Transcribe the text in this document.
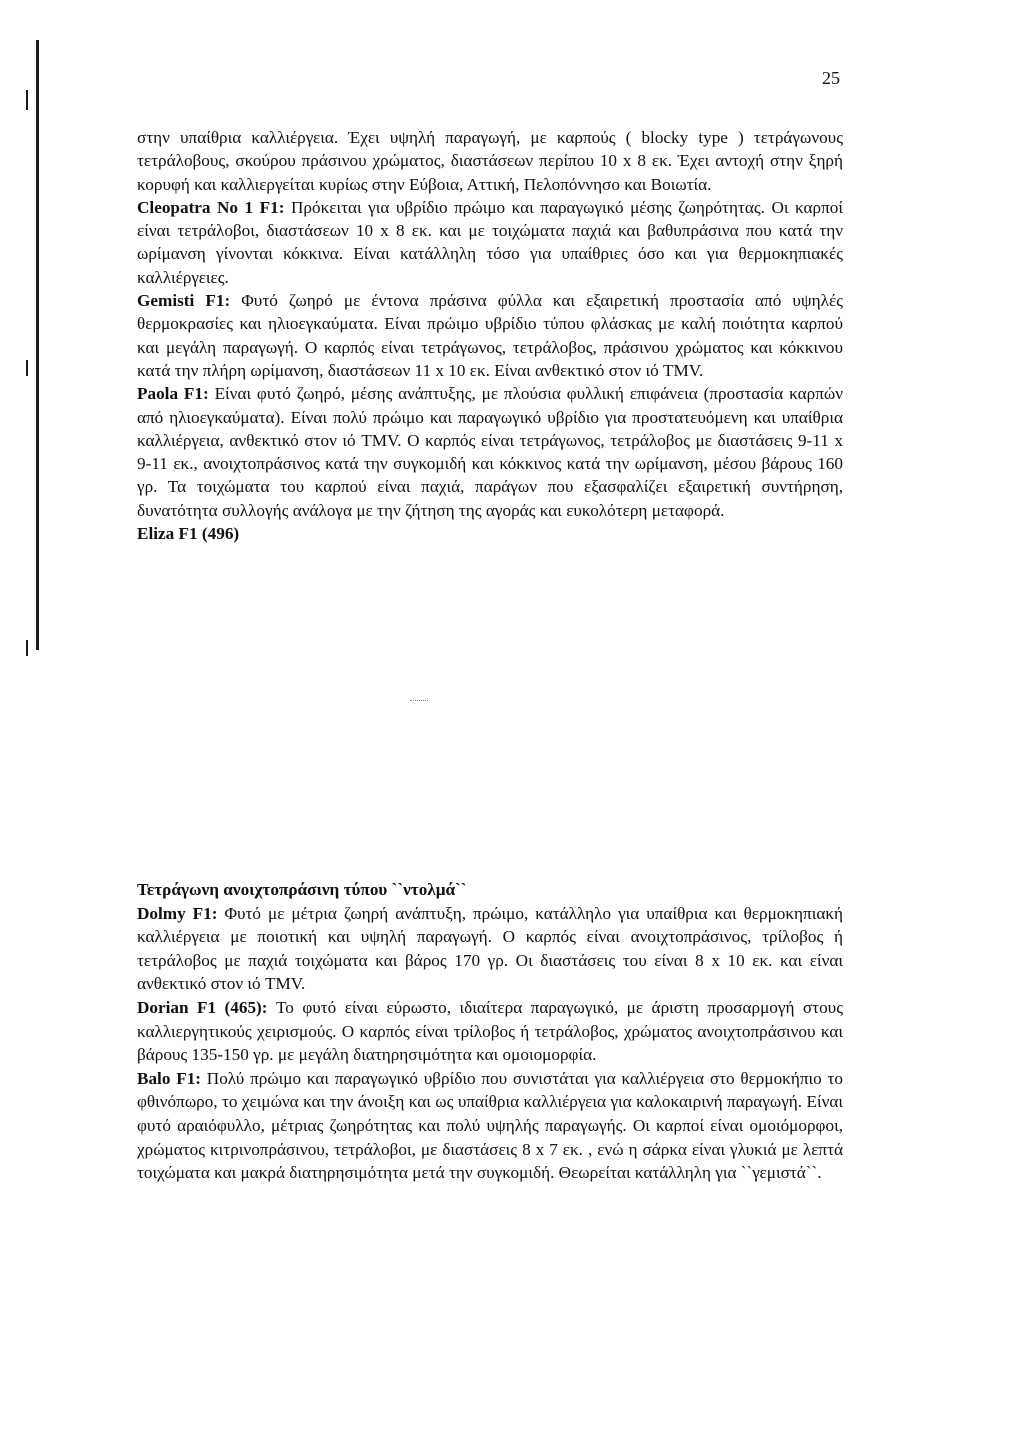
25

στην υπαίθρια καλλιέργεια. Έχει υψηλή παραγωγή, με καρπούς ( blocky type ) τετράγωνους τετράλοβους, σκούρου πράσινου χρώματος, διαστάσεων περίπου 10 x 8 εκ. Έχει αντοχή στην ξηρή κορυφή και καλλιεργείται κυρίως στην Εύβοια, Αττική, Πελοπόννησο και Βοιωτία.

Cleopatra No 1 F1: Πρόκειται για υβρίδιο πρώιμο και παραγωγικό μέσης ζωηρότητας. Οι καρποί είναι τετράλοβοι, διαστάσεων 10 x 8 εκ. και με τοιχώματα παχιά και βαθυπράσινα που κατά την ωρίμανση γίνονται κόκκινα. Είναι κατάλληλη τόσο για υπαίθριες όσο και για θερμοκηπιακές καλλιέργειες.

Gemisti F1: Φυτό ζωηρό με έντονα πράσινα φύλλα και εξαιρετική προστασία από υψηλές θερμοκρασίες και ηλιοεγκαύματα. Είναι πρώιμο υβρίδιο τύπου φλάσκας με καλή ποιότητα καρπού και μεγάλη παραγωγή. Ο καρπός είναι τετράγωνος, τετράλοβος, πράσινου χρώματος και κόκκινου κατά την πλήρη ωρίμανση, διαστάσεων 11 x 10 εκ. Είναι ανθεκτικό στον ιό TMV.

Paola F1: Είναι φυτό ζωηρό, μέσης ανάπτυξης, με πλούσια φυλλική επιφάνεια (προστασία καρπών από ηλιοεγκαύματα). Είναι πολύ πρώιμο και παραγωγικό υβρίδιο για προστατευόμενη και υπαίθρια καλλιέργεια, ανθεκτικό στον ιό TMV. Ο καρπός είναι τετράγωνος, τετράλοβος με διαστάσεις 9-11 x 9-11 εκ., ανοιχτοπράσινος κατά την συγκομιδή και κόκκινος κατά την ωρίμανση, μέσου βάρους 160 γρ. Τα τοιχώματα του καρπού είναι παχιά, παράγων που εξασφαλίζει εξαιρετική συντήρηση, δυνατότητα συλλογής ανάλογα με την ζήτηση της αγοράς και ευκολότερη μεταφορά.

Eliza F1 (496)

Τετράγωνη ανοιχτοπράσινη τύπου ``ντολμά``

Dolmy F1: Φυτό με μέτρια ζωηρή ανάπτυξη, πρώιμο, κατάλληλο για υπαίθρια και θερμοκηπιακή καλλιέργεια με ποιοτική και υψηλή παραγωγή. Ο καρπός είναι ανοιχτοπράσινος, τρίλοβος ή τετράλοβος με παχιά τοιχώματα και βάρος 170 γρ. Οι διαστάσεις του είναι 8 x 10 εκ. και είναι ανθεκτικό στον ιό TMV.

Dorian F1 (465): Το φυτό είναι εύρωστο, ιδιαίτερα παραγωγικό, με άριστη προσαρμογή στους καλλιεργητικούς χειρισμούς. Ο καρπός είναι τρίλοβος ή τετράλοβος, χρώματος ανοιχτοπράσινου και βάρους 135-150 γρ. με μεγάλη διατηρησιμότητα και ομοιομορφία.

Balo F1: Πολύ πρώιμο και παραγωγικό υβρίδιο που συνιστάται για καλλιέργεια στο θερμοκήπιο το φθινόπωρο, το χειμώνα και την άνοιξη και ως υπαίθρια καλλιέργεια για καλοκαιρινή παραγωγή. Είναι φυτό αραιόφυλλο, μέτριας ζωηρότητας και πολύ υψηλής παραγωγής. Οι καρποί είναι ομοιόμορφοι, χρώματος κιτρινοπράσινου, τετράλοβοι, με διαστάσεις 8 x 7 εκ. , ενώ η σάρκα είναι γλυκιά με λεπτά τοιχώματα και μακρά διατηρησιμότητα μετά την συγκομιδή. Θεωρείται κατάλληλη για ``γεμιστά``.
